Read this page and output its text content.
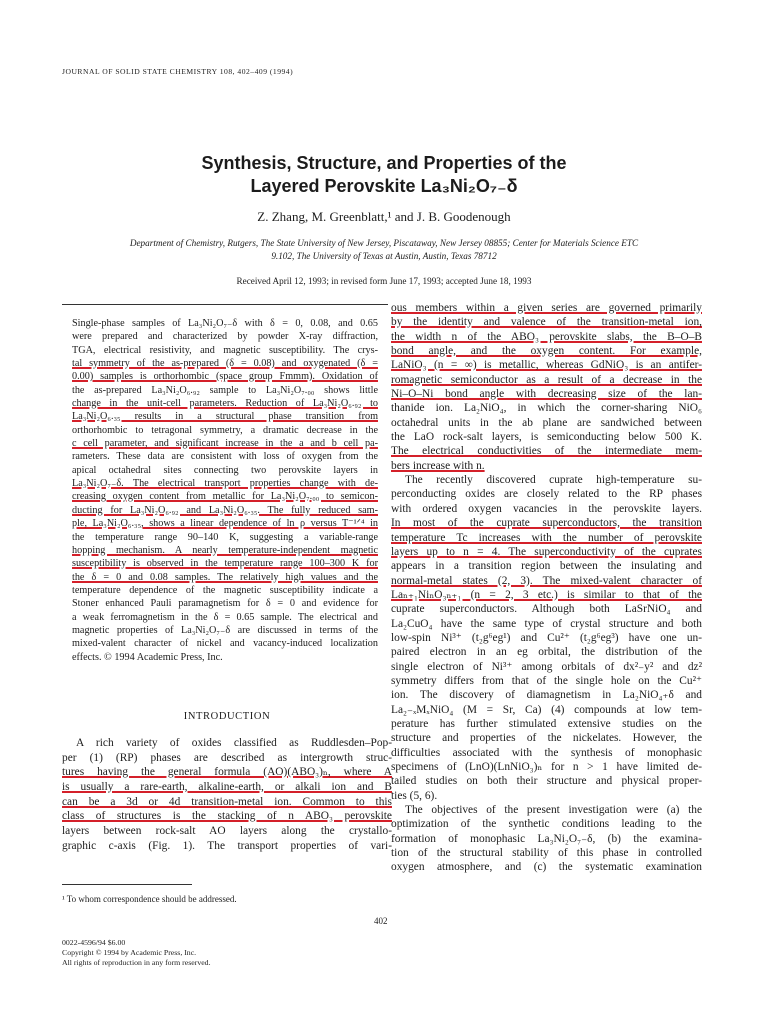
JOURNAL OF SOLID STATE CHEMISTRY 108, 402–409 (1994)
Synthesis, Structure, and Properties of the
Layered Perovskite La₃Ni₂O₇₋δ
Z. Zhang, M. Greenblatt,¹ and J. B. Goodenough
Department of Chemistry, Rutgers, The State University of New Jersey, Piscataway, New Jersey 08855; Center for Materials Science ETC
9.102, The University of Texas at Austin, Austin, Texas 78712
Received April 12, 1993; in revised form June 17, 1993; accepted June 18, 1993
Single-phase samples of La₃Ni₂O₇₋δ with δ = 0, 0.08, and 0.65
were prepared and characterized by powder X-ray diffraction,
TGA, electrical resistivity, and magnetic susceptibility. The crys-
tal symmetry of the as-prepared (δ = 0.08) and oxygenated (δ =
0.00) samples is orthorhombic (space group Fmmm). Oxidation of
the as-prepared La₃Ni₂O₆.₉₂ sample to La₃Ni₂O₇.₀₀ shows little
change in the unit-cell parameters. Reduction of La₃Ni₂O₆.₉₂ to
La₃Ni₂O₆.₃₅ results in a structural phase transition from
orthorhombic to tetragonal symmetry, a dramatic decrease in the
c cell parameter, and significant increase in the a and b cell pa-
rameters. These data are consistent with loss of oxygen from the
apical octahedral sites connecting two perovskite layers in
La₃Ni₂O₇₋δ. The electrical transport properties change with de-
creasing oxygen content from metallic for La₃Ni₂O₇.₀₀ to semicon-
ducting for La₃Ni₂O₆.₉₂ and La₃Ni₂O₆.₃₅. The fully reduced sam-
ple, La₃Ni₂O₆.₃₅, shows a linear dependence of ln ρ versus T⁻¹ᐟ⁴ in
the temperature range 90–140 K, suggesting a variable-range
hopping mechanism. A nearly temperature-independent magnetic
susceptibility is observed in the temperature range 100–300 K for
the δ = 0 and 0.08 samples. The relatively high values and the
temperature dependence of the magnetic susceptibility indicate a
Stoner enhanced Pauli paramagnetism for δ = 0 and evidence for
a weak ferromagnetism in the δ = 0.65 sample. The electrical and
magnetic properties of La₃Ni₂O₇₋δ are discussed in terms of the
mixed-valent character of nickel and vacancy-induced localization
effects. © 1994 Academic Press, Inc.
INTRODUCTION
A rich variety of oxides classified as Ruddlesden–Pop-
per (1) (RP) phases are described as intergrowth struc-
tures having the general formula (AO)(ABO₃)ₙ, where A
is usually a rare-earth, alkaline-earth, or alkali ion and B
can be a 3d or 4d transition-metal ion. Common to this
class of structures is the stacking of n ABO₃ perovskite
layers between rock-salt AO layers along the crystallo-
graphic c-axis (Fig. 1). The transport properties of vari-
ous members within a given series are governed primarily
by the identity and valence of the transition-metal ion,
the width n of the ABO₃ perovskite slabs, the B–O–B
bond angle, and the oxygen content. For example,
LaNiO₃ (n = ∞) is metallic, whereas GdNiO₃ is an antifer-
romagnetic semiconductor as a result of a decrease in the
Ni–O–Ni bond angle with decreasing size of the lan-
thanide ion. La₂NiO₄, in which the corner-sharing NiO₆
octahedral units in the ab plane are sandwiched between
the LaO rock-salt layers, is semiconducting below 500 K.
The electrical conductivities of the intermediate mem-
bers increase with n.
The recently discovered cuprate high-temperature su-
perconducting oxides are closely related to the RP phases
with ordered oxygen vacancies in the perovskite layers.
In most of the cuprate superconductors, the transition
temperature Tc increases with the number of perovskite
layers up to n = 4. The superconductivity of the cuprates
appears in a transition region between the insulating and
normal-metal states (2, 3). The mixed-valent character of
Laₙ₊₁NiₙO₃ₙ₊₁ (n = 2, 3 etc.) is similar to that of the
cuprate superconductors. Although both LaSrNiO₄ and
La₂CuO₄ have the same type of crystal structure and both
low-spin Ni³⁺ (t₂g⁶eg¹) and Cu²⁺ (t₂g⁶eg³) have one un-
paired electron in an eg orbital, the distribution of the
single electron of Ni³⁺ among orbitals of dx²₋y² and dz²
symmetry differs from that of the single hole on the Cu²⁺
ion. The discovery of diamagnetism in La₂NiO₄₊δ and
La₂₋ₓMₓNiO₄ (M = Sr, Ca) (4) compounds at low tem-
perature has further stimulated extensive studies on the
structure and properties of the nickelates. However, the
difficulties associated with the synthesis of monophasic
specimens of (LnO)(LnNiO₃)ₙ for n > 1 have limited de-
tailed studies on both their structure and physical proper-
ties (5, 6).
The objectives of the present investigation were (a) the
optimization of the synthetic conditions leading to the
formation of monophasic La₃Ni₂O₇₋δ, (b) the examina-
tion of the structural stability of this phase in controlled
oxygen atmosphere, and (c) the systematic examination
¹ To whom correspondence should be addressed.
402
0022-4596/94 $6.00
Copyright © 1994 by Academic Press, Inc.
All rights of reproduction in any form reserved.
